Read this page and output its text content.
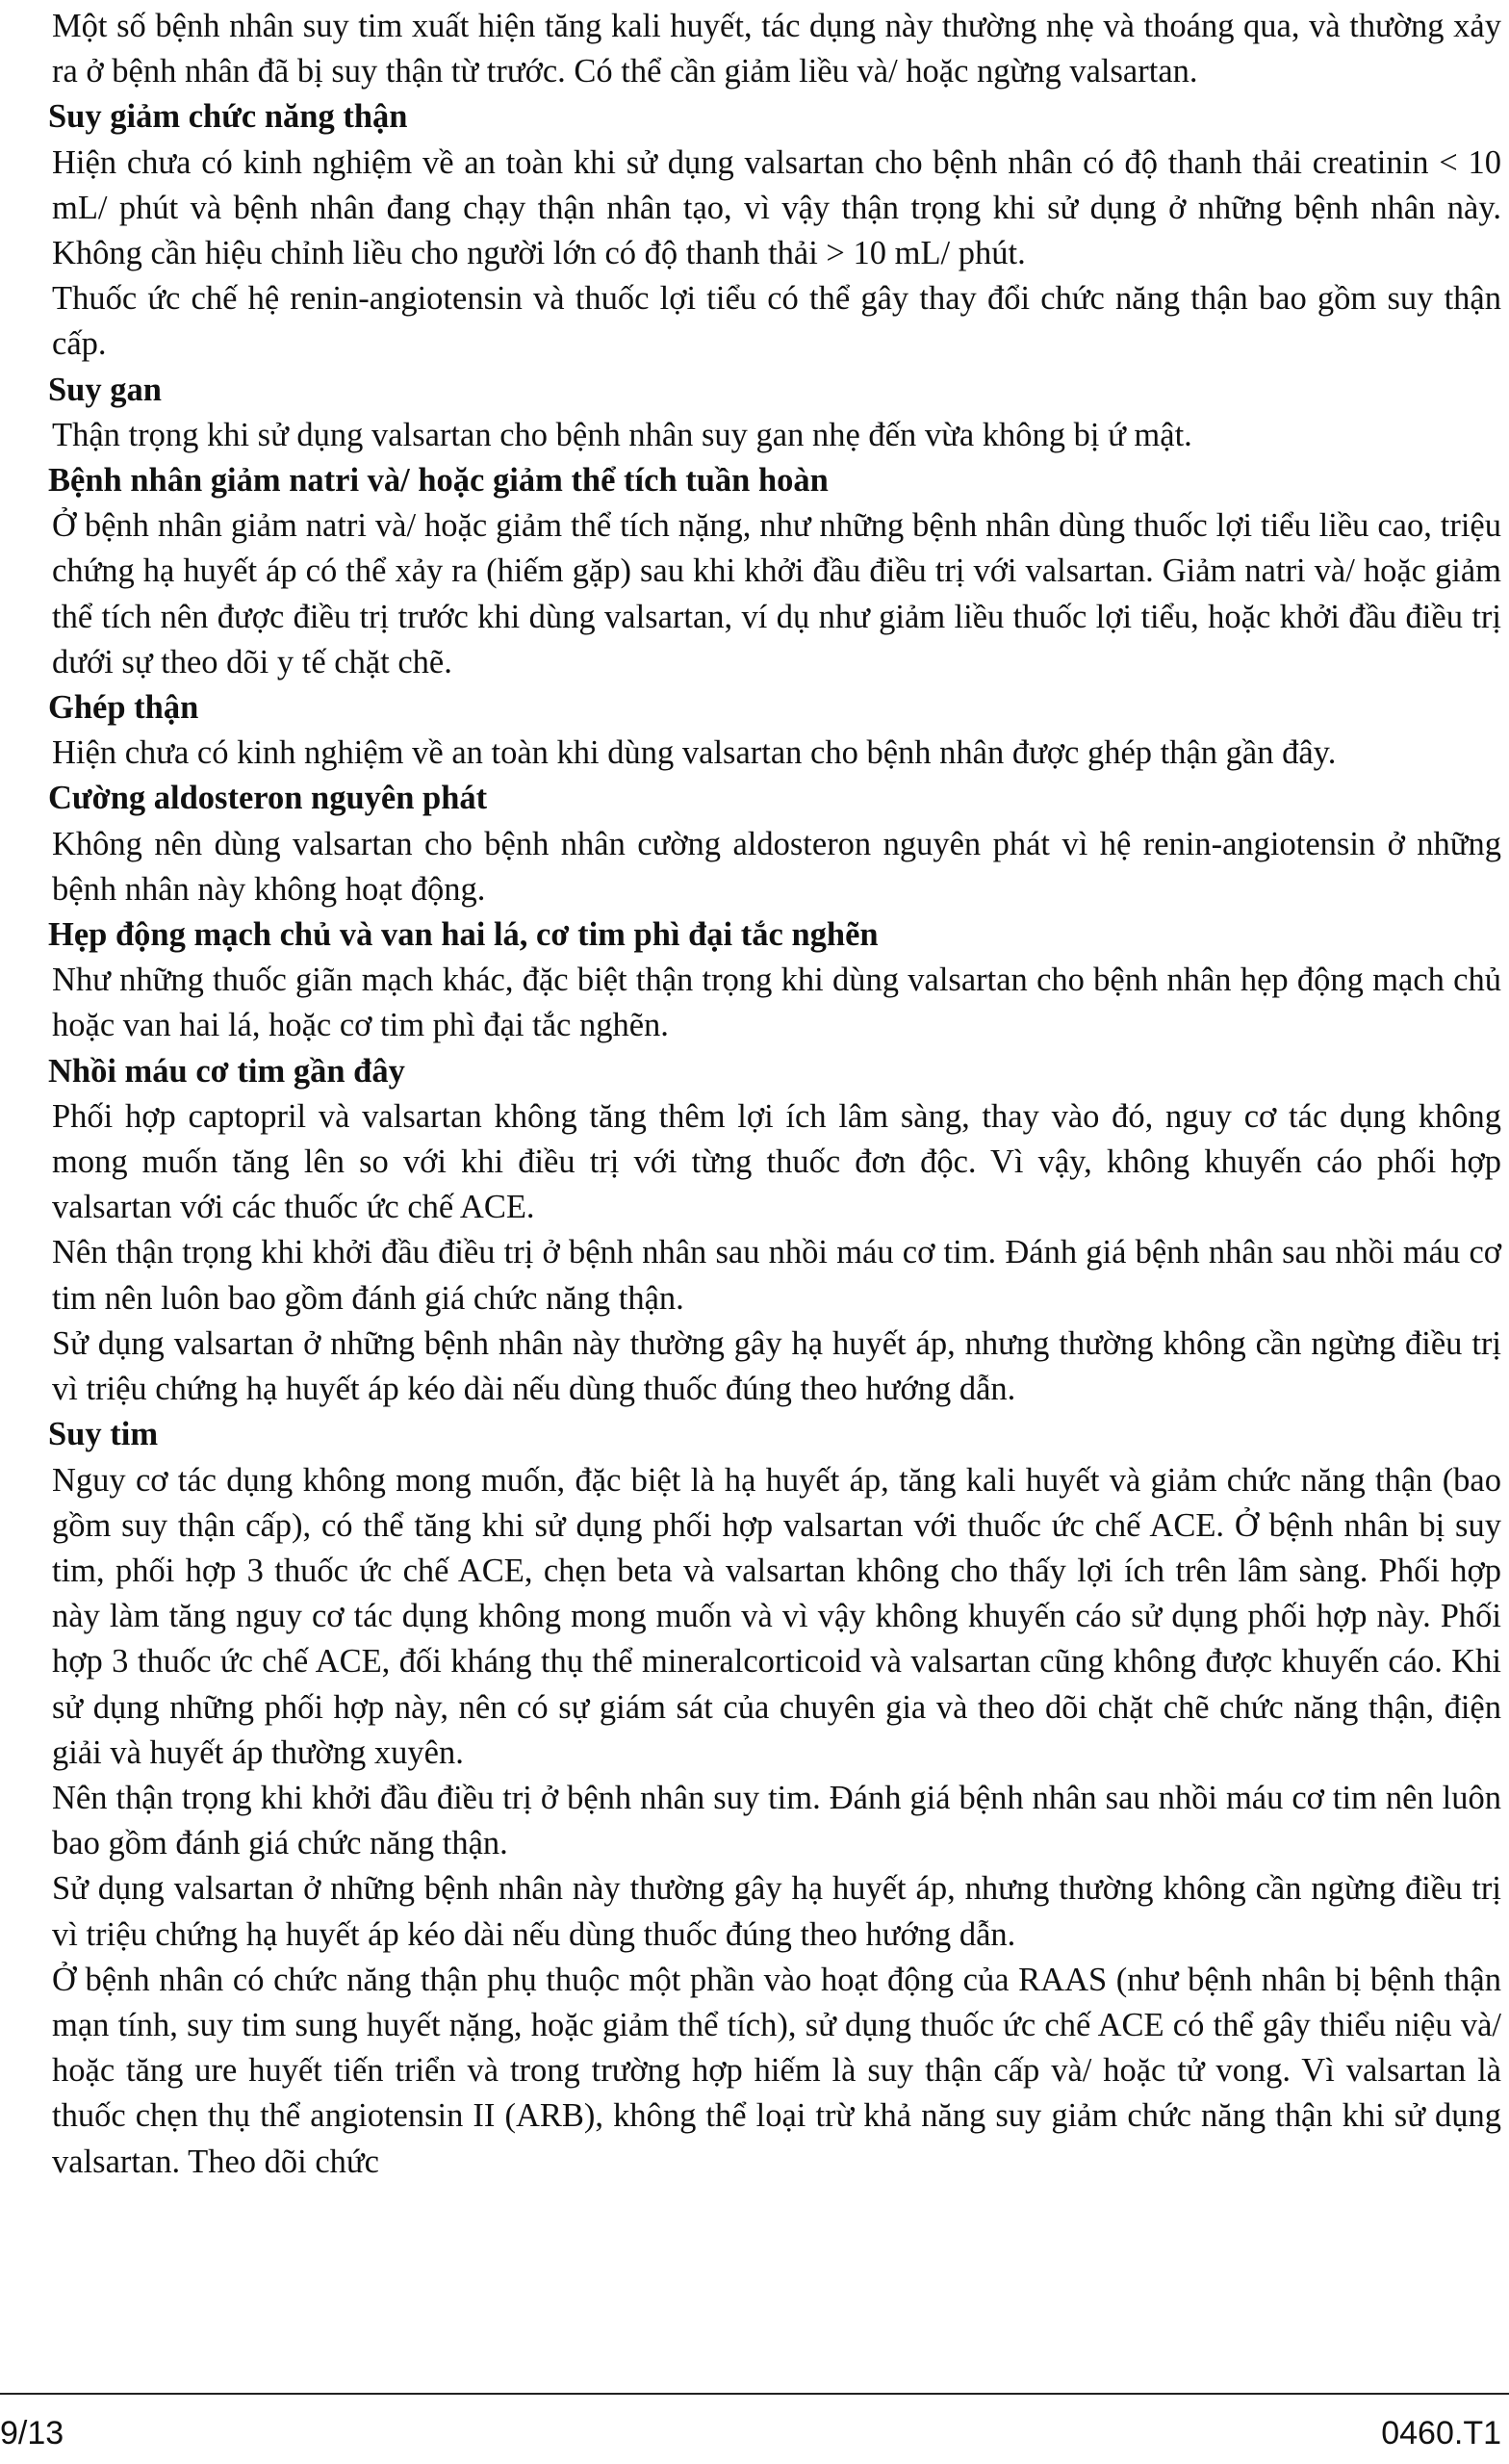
Một số bệnh nhân suy tim xuất hiện tăng kali huyết, tác dụng này thường nhẹ và thoáng qua, và thường xảy ra ở bệnh nhân đã bị suy thận từ trước. Có thể cần giảm liều và/ hoặc ngừng valsartan.

Suy giảm chức năng thận

Hiện chưa có kinh nghiệm về an toàn khi sử dụng valsartan cho bệnh nhân có độ thanh thải creatinin < 10 mL/ phút và bệnh nhân đang chạy thận nhân tạo, vì vậy thận trọng khi sử dụng ở những bệnh nhân này. Không cần hiệu chỉnh liều cho người lớn có độ thanh thải > 10 mL/ phút.

Thuốc ức chế hệ renin-angiotensin và thuốc lợi tiểu có thể gây thay đổi chức năng thận bao gồm suy thận cấp.

Suy gan

Thận trọng khi sử dụng valsartan cho bệnh nhân suy gan nhẹ đến vừa không bị ứ mật.

Bệnh nhân giảm natri và/ hoặc giảm thể tích tuần hoàn

Ở bệnh nhân giảm natri và/ hoặc giảm thể tích nặng, như những bệnh nhân dùng thuốc lợi tiểu liều cao, triệu chứng hạ huyết áp có thể xảy ra (hiếm gặp) sau khi khởi đầu điều trị với valsartan. Giảm natri và/ hoặc giảm thể tích nên được điều trị trước khi dùng valsartan, ví dụ như giảm liều thuốc lợi tiểu, hoặc khởi đầu điều trị dưới sự theo dõi y tế chặt chẽ.

Ghép thận

Hiện chưa có kinh nghiệm về an toàn khi dùng valsartan cho bệnh nhân được ghép thận gần đây.

Cường aldosteron nguyên phát

Không nên dùng valsartan cho bệnh nhân cường aldosteron nguyên phát vì hệ renin-angiotensin ở những bệnh nhân này không hoạt động.

Hẹp động mạch chủ và van hai lá, cơ tim phì đại tắc nghẽn

Như những thuốc giãn mạch khác, đặc biệt thận trọng khi dùng valsartan cho bệnh nhân hẹp động mạch chủ hoặc van hai lá, hoặc cơ tim phì đại tắc nghẽn.

Nhồi máu cơ tim gần đây

Phối hợp captopril và valsartan không tăng thêm lợi ích lâm sàng, thay vào đó, nguy cơ tác dụng không mong muốn tăng lên so với khi điều trị với từng thuốc đơn độc. Vì vậy, không khuyến cáo phối hợp valsartan với các thuốc ức chế ACE.

Nên thận trọng khi khởi đầu điều trị ở bệnh nhân sau nhồi máu cơ tim. Đánh giá bệnh nhân sau nhồi máu cơ tim nên luôn bao gồm đánh giá chức năng thận.

Sử dụng valsartan ở những bệnh nhân này thường gây hạ huyết áp, nhưng thường không cần ngừng điều trị vì triệu chứng hạ huyết áp kéo dài nếu dùng thuốc đúng theo hướng dẫn.

Suy tim

Nguy cơ tác dụng không mong muốn, đặc biệt là hạ huyết áp, tăng kali huyết và giảm chức năng thận (bao gồm suy thận cấp), có thể tăng khi sử dụng phối hợp valsartan với thuốc ức chế ACE. Ở bệnh nhân bị suy tim, phối hợp 3 thuốc ức chế ACE, chẹn beta và valsartan không cho thấy lợi ích trên lâm sàng. Phối hợp này làm tăng nguy cơ tác dụng không mong muốn và vì vậy không khuyến cáo sử dụng phối hợp này. Phối hợp 3 thuốc ức chế ACE, đối kháng thụ thể mineralcorticoid và valsartan cũng không được khuyến cáo. Khi sử dụng những phối hợp này, nên có sự giám sát của chuyên gia và theo dõi chặt chẽ chức năng thận, điện giải và huyết áp thường xuyên.

Nên thận trọng khi khởi đầu điều trị ở bệnh nhân suy tim. Đánh giá bệnh nhân sau nhồi máu cơ tim nên luôn bao gồm đánh giá chức năng thận.

Sử dụng valsartan ở những bệnh nhân này thường gây hạ huyết áp, nhưng thường không cần ngừng điều trị vì triệu chứng hạ huyết áp kéo dài nếu dùng thuốc đúng theo hướng dẫn.

Ở bệnh nhân có chức năng thận phụ thuộc một phần vào hoạt động của RAAS (như bệnh nhân bị bệnh thận mạn tính, suy tim sung huyết nặng, hoặc giảm thể tích), sử dụng thuốc ức chế ACE có thể gây thiểu niệu và/ hoặc tăng ure huyết tiến triển và trong trường hợp hiếm là suy thận cấp và/ hoặc tử vong. Vì valsartan là thuốc chẹn thụ thể angiotensin II (ARB), không thể loại trừ khả năng suy giảm chức năng thận khi sử dụng valsartan. Theo dõi chức

9/13	0460.T1
